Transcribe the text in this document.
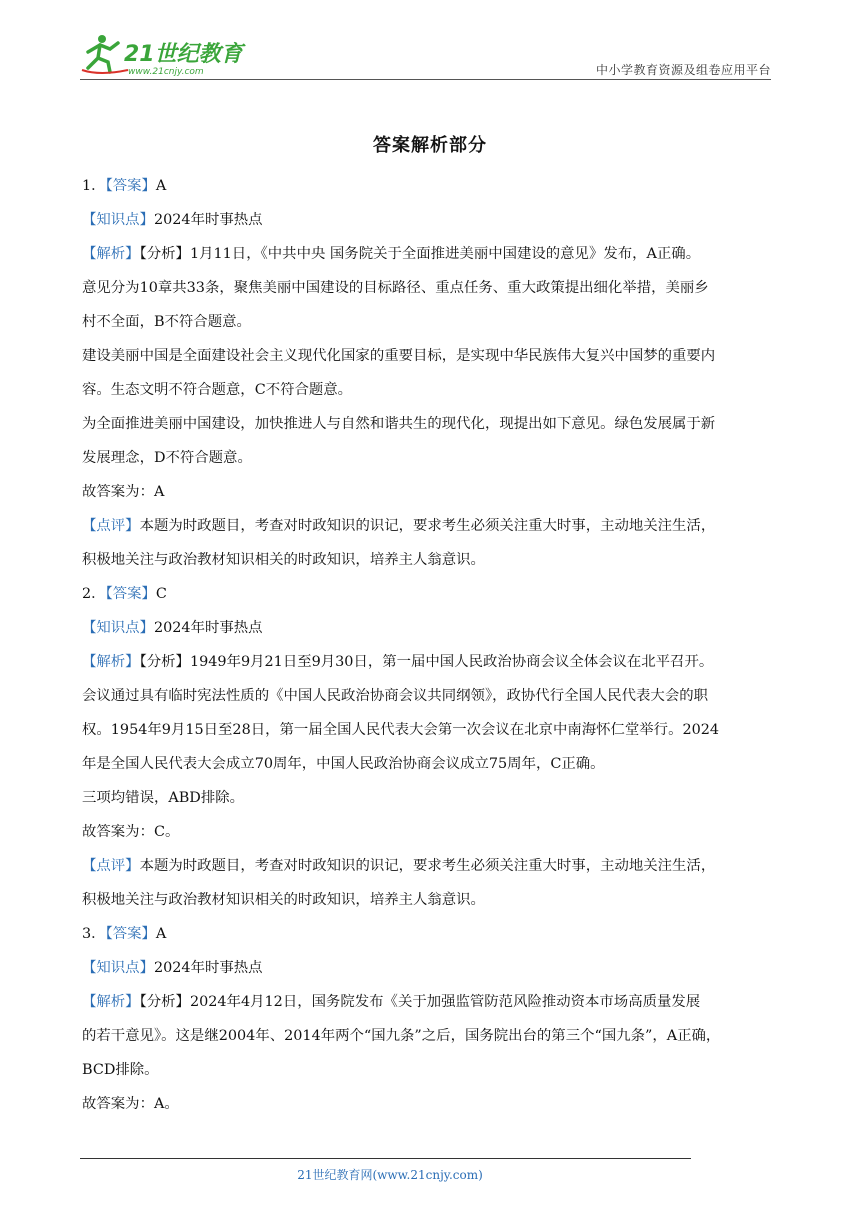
21世纪教育
www.21cnjy.com	中小学教育资源及组卷应用平台
答案解析部分
1．【答案】A
【知识点】2024年时事热点
【解析】【分析】1月11日，《中共中央 国务院关于全面推进美丽中国建设的意见》发布，A正确。
意见分为10章共33条，聚焦美丽中国建设的目标路径、重点任务、重大政策提出细化举措，美丽乡
村不全面，B不符合题意。
建设美丽中国是全面建设社会主义现代化国家的重要目标，是实现中华民族伟大复兴中国梦的重要内
容。生态文明不符合题意，C不符合题意。
为全面推进美丽中国建设，加快推进人与自然和谐共生的现代化，现提出如下意见。绿色发展属于新
发展理念，D不符合题意。
故答案为：A
【点评】本题为时政题目，考查对时政知识的识记，要求考生必须关注重大时事，主动地关注生活，
积极地关注与政治教材知识相关的时政知识，培养主人翁意识。
2．【答案】C
【知识点】2024年时事热点
【解析】【分析】1949年9月21日至9月30日，第一届中国人民政治协商会议全体会议在北平召开。
会议通过具有临时宪法性质的《中国人民政治协商会议共同纲领》，政协代行全国人民代表大会的职
权。1954年9月15日至28日，第一届全国人民代表大会第一次会议在北京中南海怀仁堂举行。2024
年是全国人民代表大会成立70周年，中国人民政治协商会议成立75周年，C正确。
三项均错误，ABD排除。
故答案为：C。
【点评】本题为时政题目，考查对时政知识的识记，要求考生必须关注重大时事，主动地关注生活，
积极地关注与政治教材知识相关的时政知识，培养主人翁意识。
3．【答案】A
【知识点】2024年时事热点
【解析】【分析】2024年4月12日，国务院发布《关于加强监管防范风险推动资本市场高质量发展
的若干意见》。这是继2004年、2014年两个“国九条”之后，国务院出台的第三个“国九条”，A正确，
BCD排除。
故答案为：A。
21世纪教育网(www.21cnjy.com)
